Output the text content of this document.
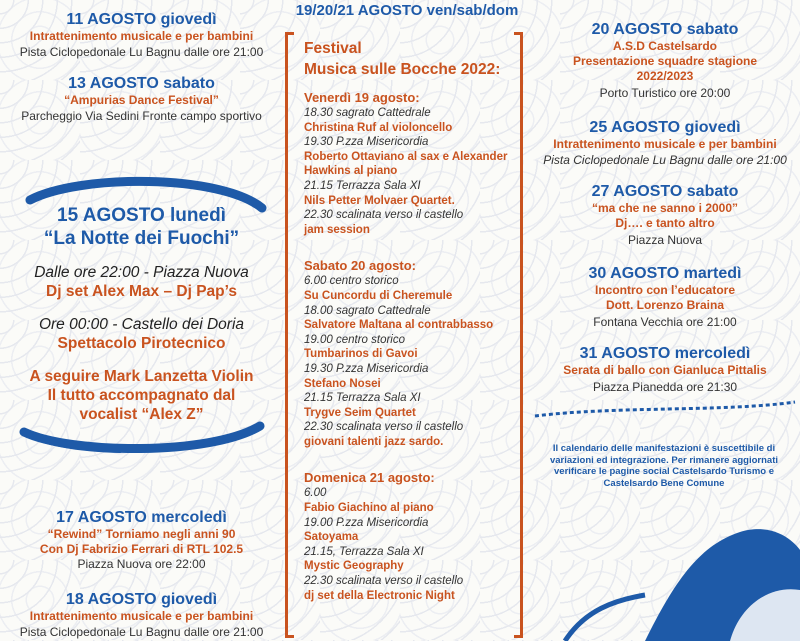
19/20/21 AGOSTO ven/sab/dom
11 AGOSTO giovedì
Intrattenimento musicale e per bambini
Pista Ciclopedonale Lu Bagnu dalle ore 21:00
13 AGOSTO sabato
“Ampurias Dance Festival”
Parcheggio Via Sedini Fronte campo sportivo
15 AGOSTO lunedì
“La Notte dei Fuochi”
Dalle ore 22:00 - Piazza Nuova
Dj set Alex Max – Dj Pap’s
Ore 00:00 - Castello dei Doria
Spettacolo Pirotecnico
A seguire Mark Lanzetta Violin
Il tutto accompagnato dal
vocalist “Alex Z”
17 AGOSTO mercoledì
“Rewind” Torniamo negli anni 90
Con Dj Fabrizio Ferrari di RTL 102.5
Piazza Nuova ore 22:00
18 AGOSTO giovedì
Intrattenimento musicale e per bambini
Pista Ciclopedonale Lu Bagnu dalle ore 21:00
Festival
Musica sulle Bocche 2022:
Venerdì 19 agosto:
18.30 sagrato Cattedrale
Christina Ruf al violoncello
19.30 P.zza Misericordia
Roberto Ottaviano al sax e Alexander
Hawkins al piano
21.15 Terrazza Sala XI
Nils Petter Molvaer Quartet.
22.30 scalinata verso il castello
jam session
Sabato 20 agosto:
6.00 centro storico
Su Cuncordu di Cheremule
18.00 sagrato Cattedrale
Salvatore Maltana al contrabbasso
19.00 centro storico
Tumbarinos di Gavoi
19.30 P.zza Misericordia
Stefano Nosei
21.15 Terrazza Sala XI
Trygve Seim Quartet
22.30 scalinata verso il castello
giovani talenti jazz sardo.
Domenica 21 agosto:
6.00
Fabio Giachino al piano
19.00 P.zza Misericordia
Satoyama
21.15, Terrazza Sala XI
Mystic Geography
22.30 scalinata verso il castello
dj set della Electronic Night
20 AGOSTO sabato
A.S.D Castelsardo
Presentazione squadre stagione
2022/2023
Porto Turistico ore 20:00
25 AGOSTO giovedì
Intrattenimento musicale e per bambini
Pista Ciclopedonale Lu Bagnu dalle ore 21:00
27 AGOSTO sabato
“ma che ne sanno i 2000”
Dj…. e tanto altro
Piazza Nuova
30 AGOSTO martedì
Incontro con l’educatore
Dott. Lorenzo Braina
Fontana Vecchia ore 21:00
31 AGOSTO mercoledì
Serata di ballo con Gianluca Pittalis
Piazza Pianedda ore 21:30
Il calendario delle manifestazioni è suscettibile di
variazioni ed integrazione. Per rimanere aggiornati
verificare le pagine social Castelsardo Turismo e
Castelsardo Bene Comune
